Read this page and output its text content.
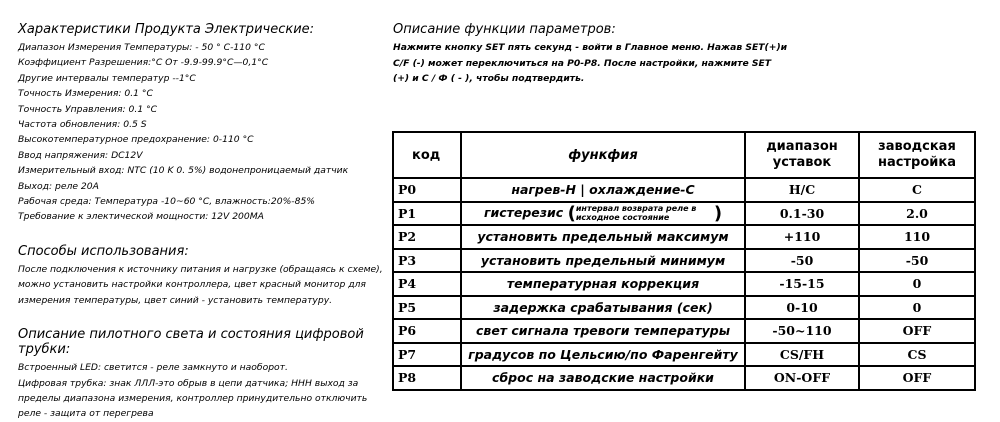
Характеристики Продукта Электрические:
Диапазон Измерения Температуры: - 50 ° С-110 °С
Коэффициент Разрешения:°С От -9.9-99.9°С—0,1°С
Другие интервалы температур --1°С
Точность Измерения: 0.1 °С
Точность Управления: 0.1 °С
Частота обновления: 0.5 S
Высокотемпературное предохранение: 0-110 °С
Ввод напряжения: DC12V
Измерительный вход: NTC (10 K 0. 5%) водонепроницаемый датчик
Выход: реле 20А
Рабочая среда: Температура -10~60 °С, влажность:20%-85%
Требование к электической мощности: 12V 200MA
Способы использования:
После подключения к источнику питания и нагрузке (обращаясь к схеме), можно установить настройки контроллера, цвет красный монитор для измерения температуры, цвет синий - установить температуру.
Описание пилотного света и состояния цифровой трубки:
Встроенный LED: светится - реле замкнуто и наоборот.
Цифровая трубка: знак ЛЛЛ-это обрыв в цепи датчика; HHH выход за пределы диапазона измерения, контроллер принудительно отключить реле - защита от перегрева
Описание функции параметров:
Нажмите кнопку SET пять секунд - войти в Главное меню. Нажав SET(+)и
C/F (-) может переключиться на P0-P8. После настройки, нажмите SET
(+) и С / Ф ( - ), чтобы подтвердить.
код	функфия	диапазон уставок	заводская настройка
P0	нагрев-Н | охлаждение-С	H/C	C
P1	гистерезис (интервал возврата реле в исходное состояние )	0.1-30	2.0
P2	установить предельный максимум	+110	110
P3	установить предельный минимум	-50	-50
P4	температурная коррекция	-15-15	0
P5	задержка срабатывания (сек)	0-10	0
P6	свет сигнала тревоги температуры	-50~110	OFF
P7	градусов по Цельсию/по Фаренгейту	CS/FH	CS
P8	сброс на заводские настройки	ON-OFF	OFF
